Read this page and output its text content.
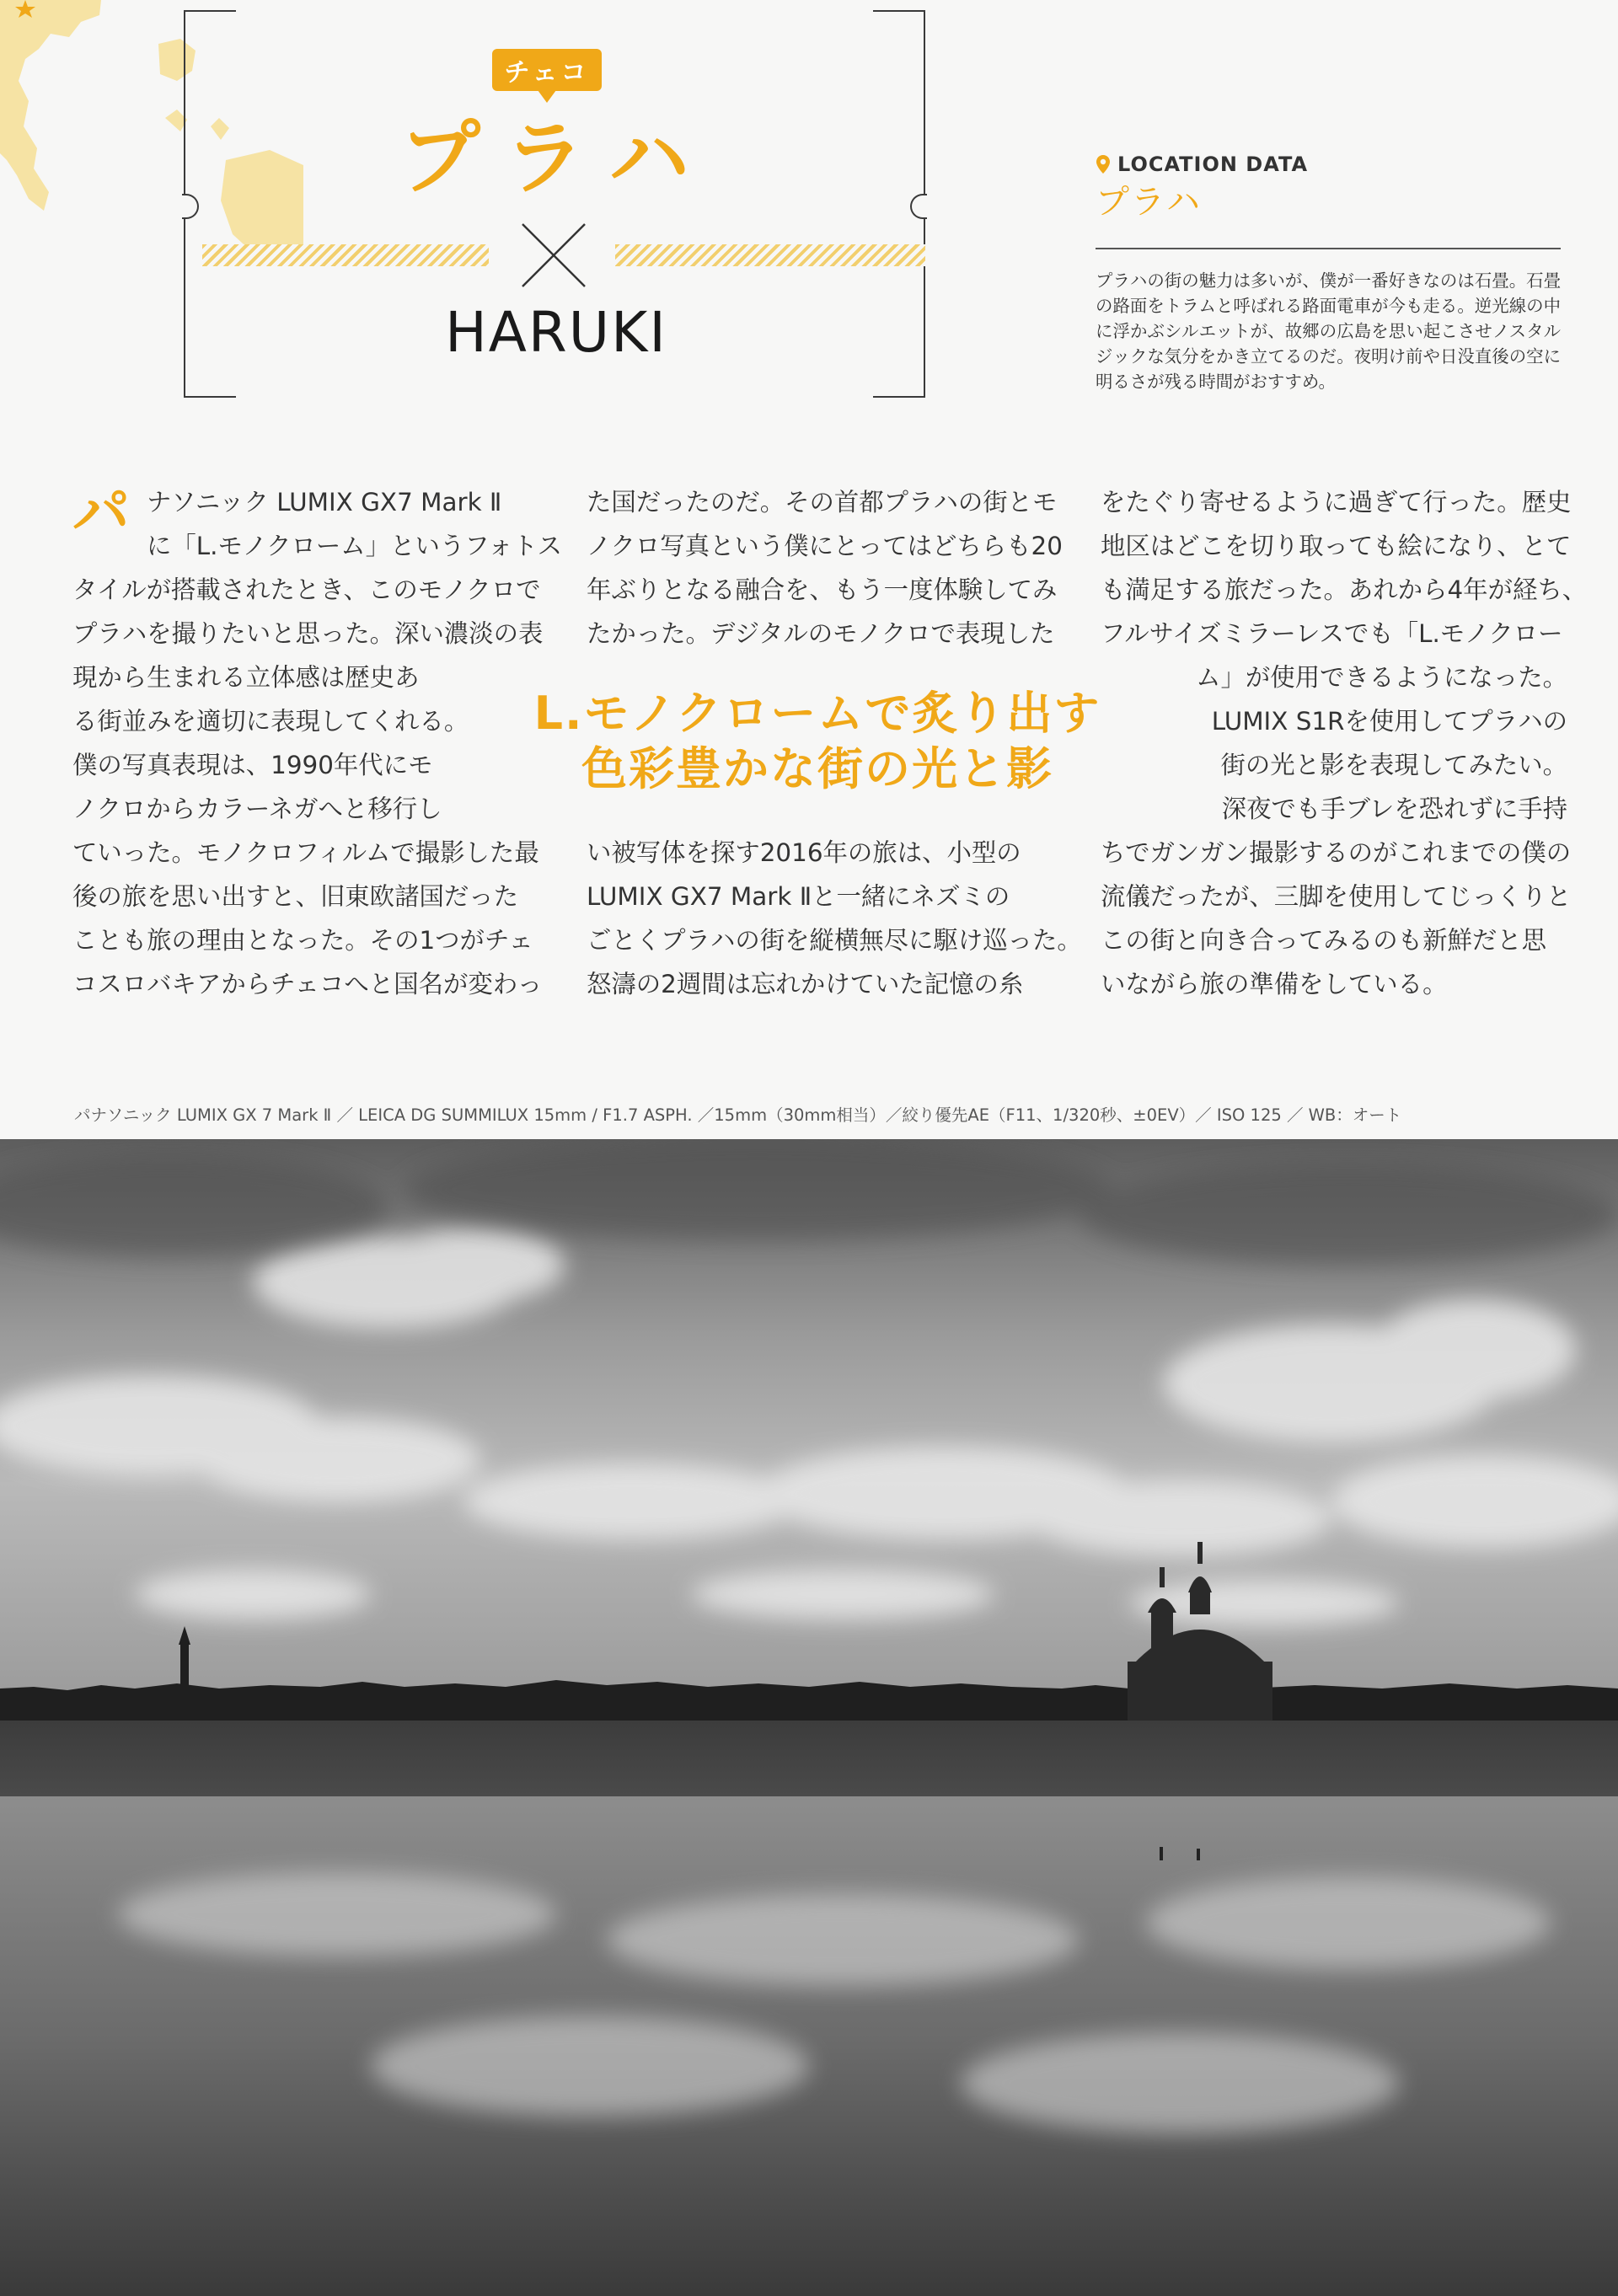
チェコ
プラハ
HARUKI
LOCATION DATA
プラハ
プラハの街の魅力は多いが、僕が一番好きなのは石畳。石畳の路面をトラムと呼ばれる路面電車が今も走る。逆光線の中に浮かぶシルエットが、故郷の広島を思い起こさせノスタルジックな気分をかき立てるのだ。夜明け前や日没直後の空に明るさが残る時間がおすすめ。
パ ナソニック LUMIX GX7 Mark Ⅱ
に「L.モノクローム」というフォトス
タイルが搭載されたとき、このモノクロで
プラハを撮りたいと思った。深い濃淡の表
現から生まれる立体感は歴史あ
る街並みを適切に表現してくれる。
僕の写真表現は、1990年代にモ
ノクロからカラーネガへと移行し
ていった。モノクロフィルムで撮影した最
後の旅を思い出すと、旧東欧諸国だった
ことも旅の理由となった。その1つがチェ
コスロバキアからチェコへと国名が変わっ
た国だったのだ。その首都プラハの街とモ
ノクロ写真という僕にとってはどちらも20
年ぶりとなる融合を、もう一度体験してみ
たかった。デジタルのモノクロで表現した
い被写体を探す2016年の旅は、小型の
LUMIX GX7 Mark Ⅱと一緒にネズミの
ごとくプラハの街を縦横無尽に駆け巡った。
怒濤の2週間は忘れかけていた記憶の糸
をたぐり寄せるように過ぎて行った。歴史
地区はどこを切り取っても絵になり、とて
も満足する旅だった。あれから4年が経ち、
フルサイズミラーレスでも「L.モノクロー
ム」が使用できるようになった。
LUMIX S1Rを使用してプラハの
街の光と影を表現してみたい。
深夜でも手ブレを恐れずに手持
ちでガンガン撮影するのがこれまでの僕の
流儀だったが、三脚を使用してじっくりと
この街と向き合ってみるのも新鮮だと思
いながら旅の準備をしている。
L.モノクロームで炙り出す
色彩豊かな街の光と影
パナソニック LUMIX GX 7 Mark Ⅱ ／ LEICA DG SUMMILUX 15mm / F1.7 ASPH. ／15mm（30mm相当）／絞り優先AE（F11、1/320秒、±0EV）／ ISO 125 ／ WB：オート
